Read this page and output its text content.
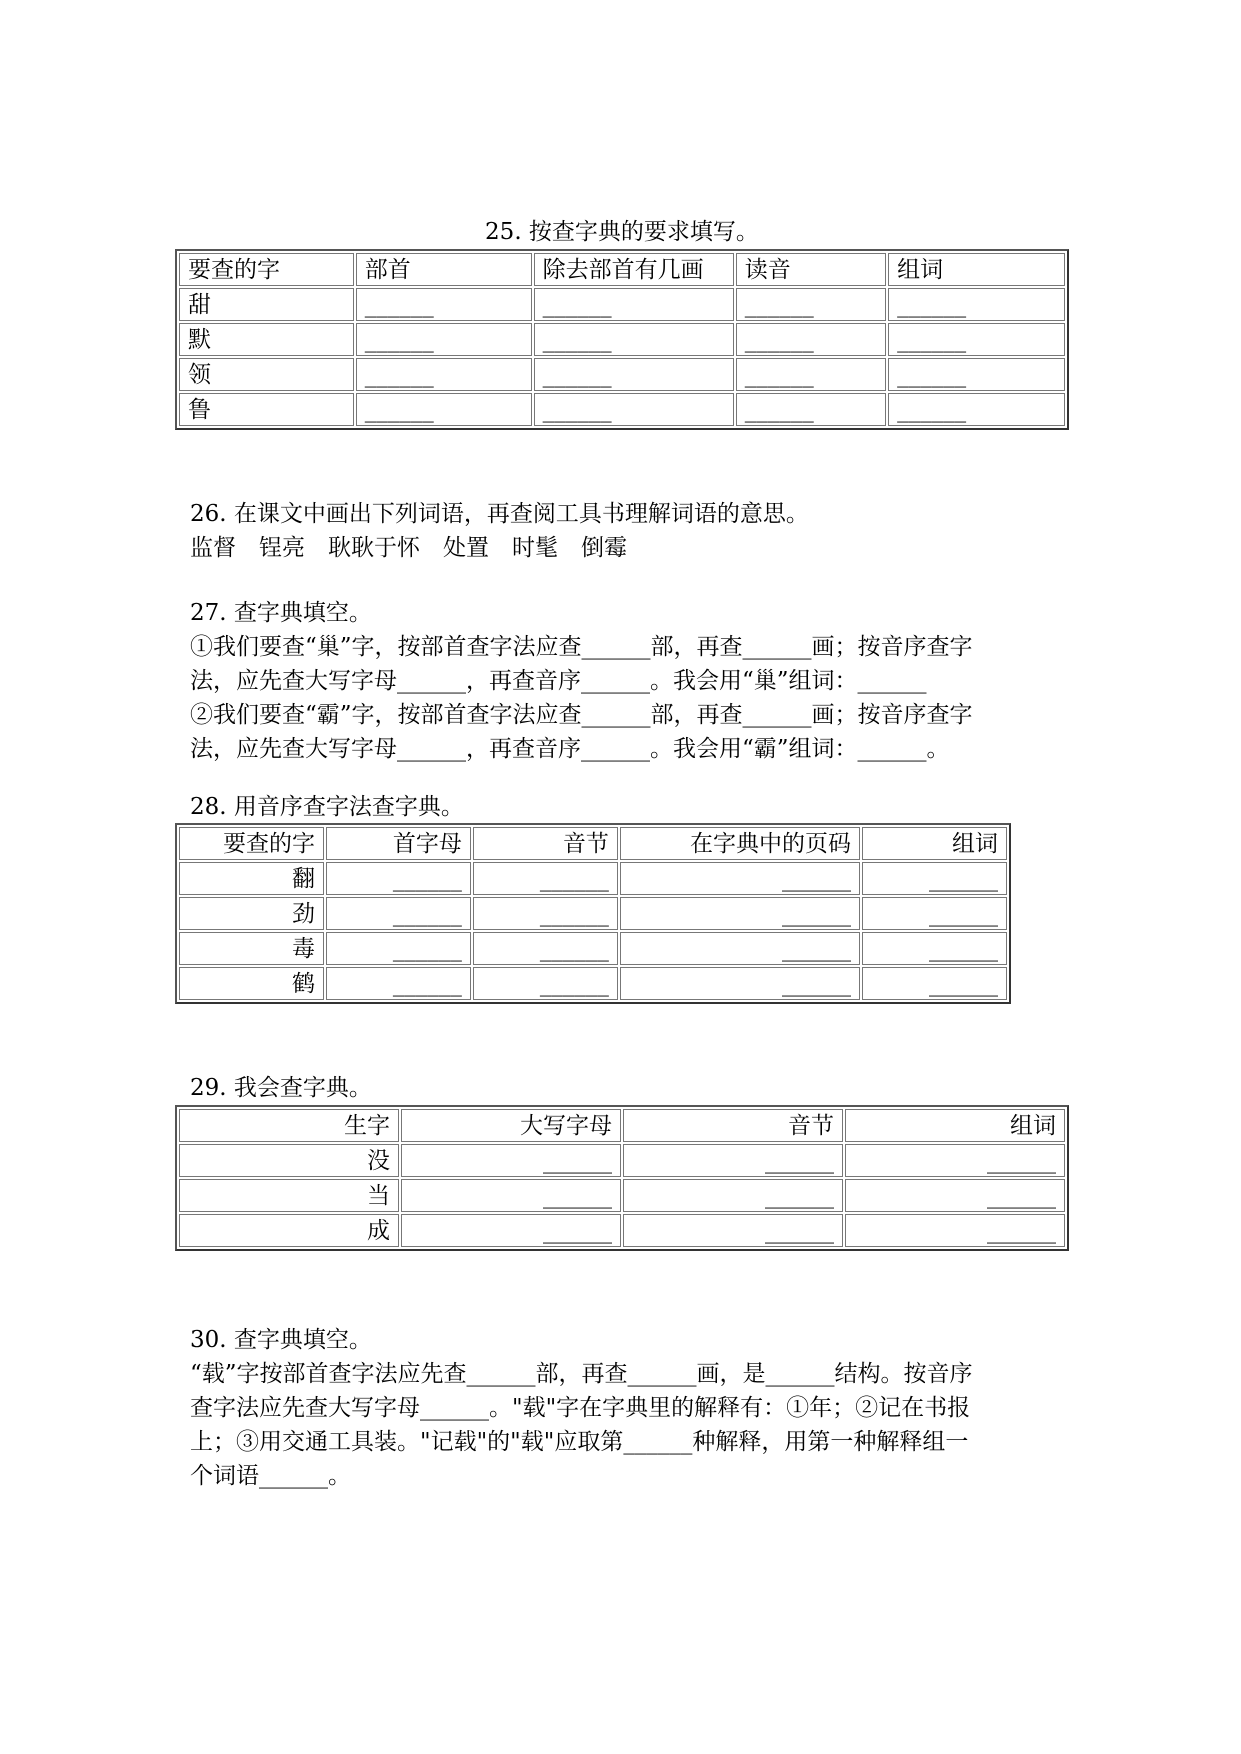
25. 按查字典的要求填写。
要查的字	部首	除去部首有几画	读音	组词
甜	______	______	______	______
默	______	______	______	______
领	______	______	______	______
鲁	______	______	______	______
26. 在课文中画出下列词语，再查阅工具书理解词语的意思。
监督　锃亮　耿耿于怀　处置　时髦　倒霉
27. 查字典填空。
①我们要查“巢”字，按部首查字法应查______部，再查______画；按音序查字
法，应先查大写字母______，再查音序______。我会用“巢”组词：______
②我们要查“霸”字，按部首查字法应查______部，再查______画；按音序查字
法，应先查大写字母______，再查音序______。我会用“霸”组词：______。
28. 用音序查字法查字典。
要查的字	首字母	音节	在字典中的页码	组词
翻	______	______	______	______
劲	______	______	______	______
毒	______	______	______	______
鹤	______	______	______	______
29. 我会查字典。
生字	大写字母	音节	组词
没	______	______	______
当	______	______	______
成	______	______	______
30. 查字典填空。
“载”字按部首查字法应先查______部，再查______画，是______结构。按音序
查字法应先查大写字母______。"载"字在字典里的解释有：①年；②记在书报
上；③用交通工具装。"记载"的"载"应取第______种解释，用第一种解释组一
个词语______。
